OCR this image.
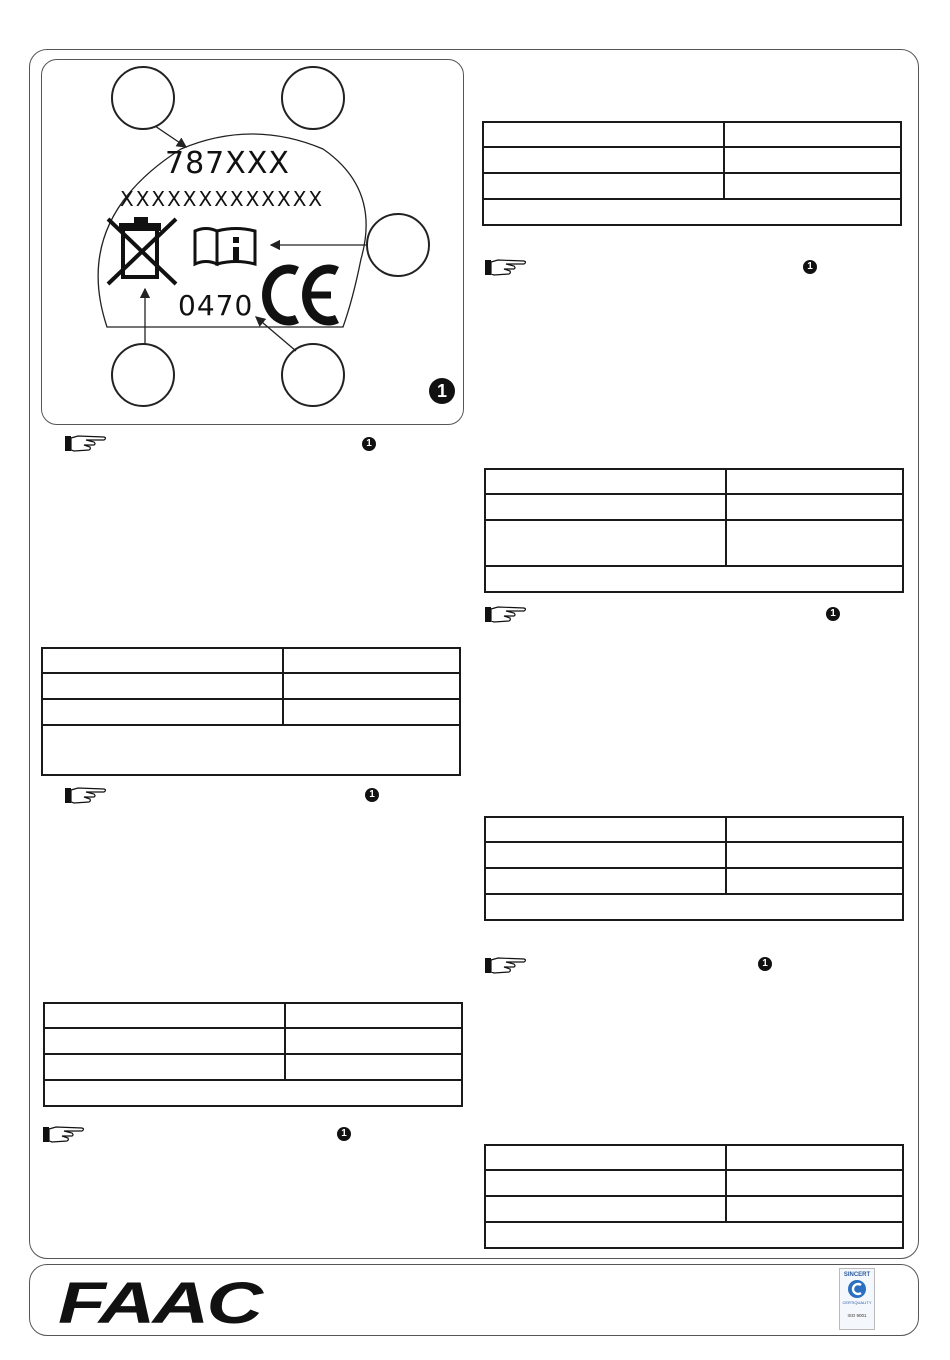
787XXX
XXXXXXXXXXXXX
0470
1
1

1

1

1

1

1

FAAC	SINCERT
CERTIQUALITY
ISO 9001
